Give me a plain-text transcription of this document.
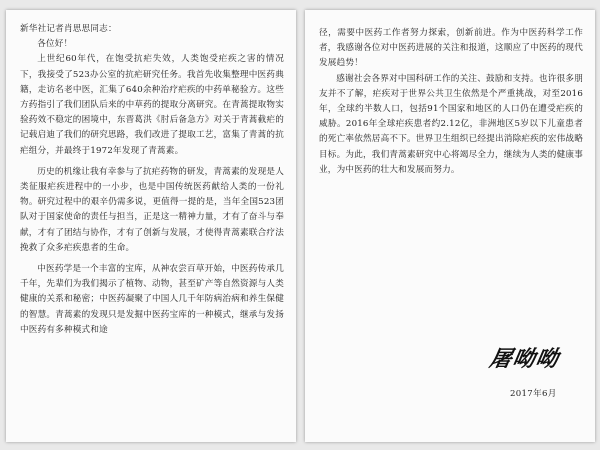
新华社记者肖思思同志：

各位好！

上世纪60年代，在饱受抗疟失效，人类饱受疟疾之害的情况下，我接受了523办公室的抗疟研究任务。我首先收集整理中医药典籍，走访名老中医，汇集了640余种治疗疟疾的中药单秘验方。这些方药指引了我们团队后来的中草药的提取分离研究。在青蒿提取物实验药效不稳定的困境中，东晋葛洪《肘后备急方》对关于青蒿截疟的记载启迪了我们的研究思路，我们改进了提取工艺，富集了青蒿的抗疟组分，并最终于1972年发现了青蒿素。

历史的机缘让我有幸参与了抗疟药物的研发，青蒿素的发现是人类征服疟疾进程中的一小步，也是中国传统医药献给人类的一份礼物。研究过程中的艰辛仍需多说，更值得一提的是，当年全国523团队对于国家使命的责任与担当，正是这一精神力量，才有了奋斗与奉献，才有了团结与协作，才有了创新与发展，才使得青蒿素联合疗法挽救了众多疟疾患者的生命。

中医药学是一个丰富的宝库，从神农尝百草开始，中医药传承几千年，先辈们为我们揭示了植物、动物，甚至矿产等自然资源与人类健康的关系和秘密；中医药凝聚了中国人几千年防病治病和养生保健的智慧。青蒿素的发现只是发掘中医药宝库的一种模式，继承与发扬中医药有多种模式和途

径，需要中医药工作者努力探索，创新前进。作为中医药科学工作者，我感谢各位对中医药进展的关注和报道，这顺应了中医药的现代发展趋势！

感谢社会各界对中国科研工作的关注、鼓励和支持。也许很多朋友并不了解，疟疾对于世界公共卫生依然是个严重挑战，对至2016年，全球约半数人口，包括91个国家和地区的人口仍在遭受疟疾的威胁。2016年全球疟疾患者约2.12亿，非洲地区5岁以下儿童患者的死亡率依然居高不下。世界卫生组织已经提出消除疟疾的宏伟战略目标。为此，我们青蒿素研究中心将竭尽全力，继续为人类的健康事业，为中医药的壮大和发展而努力。

屠呦呦
2017年6月
